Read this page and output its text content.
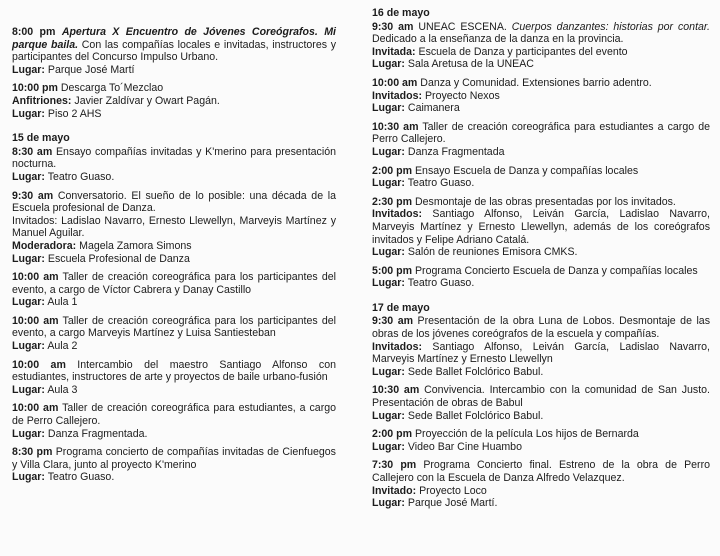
8:00 pm Apertura X Encuentro de Jóvenes Coreógrafos. Mi parque baila. Con las compañías locales e invitadas, instructores y participantes del Concurso Impulso Urbano.
Lugar: Parque José Martí
10:00 pm Descarga To´Mezclao
Anfitriones: Javier Zaldívar y Owart Pagán.
Lugar: Piso 2 AHS
15 de mayo
8:30 am Ensayo compañías invitadas y K'merino para presentación nocturna.
Lugar: Teatro Guaso.
9:30 am Conversatorio. El sueño de lo posible: una década de la Escuela profesional de Danza.
Invitados: Ladislao Navarro, Ernesto Llewellyn, Marveyis Martínez y Manuel Aguilar.
Moderadora: Magela Zamora Simons
Lugar: Escuela Profesional de Danza
10:00 am Taller de creación coreográfica para los participantes del evento, a cargo de Víctor Cabrera y Danay Castillo
Lugar: Aula 1
10:00 am Taller de creación coreográfica para los participantes del evento, a cargo Marveyis Martínez y Luisa Santiesteban
Lugar: Aula 2
10:00 am Intercambio del maestro Santiago Alfonso con estudiantes, instructores de arte y proyectos de baile urbano-fusión
Lugar: Aula 3
10:00 am Taller de creación coreográfica para estudiantes, a cargo de Perro Callejero.
Lugar: Danza Fragmentada.
8:30 pm Programa concierto de compañías invitadas de Cienfuegos y Villa Clara, junto al proyecto K'merino
Lugar: Teatro Guaso.
16 de mayo
9:30 am UNEAC ESCENA. Cuerpos danzantes: historias por contar. Dedicado a la enseñanza de la danza en la provincia.
Invitada: Escuela de Danza y participantes del evento
Lugar: Sala Aretusa de la UNEAC
10:00 am Danza y Comunidad. Extensiones barrio adentro.
Invitados: Proyecto Nexos
Lugar: Caimanera
10:30 am Taller de creación coreográfica para estudiantes a cargo de Perro Callejero.
Lugar: Danza Fragmentada
2:00 pm Ensayo Escuela de Danza y compañías locales
Lugar: Teatro Guaso.
2:30 pm Desmontaje de las obras presentadas por los invitados.
Invitados: Santiago Alfonso, Leiván García, Ladislao Navarro, Marveyis Martínez y Ernesto Llewellyn, además de los coreógrafos invitados y Felipe Adriano Catalá.
Lugar: Salón de reuniones Emisora CMKS.
5:00 pm Programa Concierto Escuela de Danza y compañías locales
Lugar: Teatro Guaso.
17 de mayo
9:30 am Presentación de la obra Luna de Lobos. Desmontaje de las obras de los jóvenes coreógrafos de la escuela y compañías.
Invitados: Santiago Alfonso, Leiván García, Ladislao Navarro, Marveyis Martínez y Ernesto Llewellyn
Lugar: Sede Ballet Folclórico Babul.
10:30 am Convivencia. Intercambio con la comunidad de San Justo. Presentación de obras de Babul
Lugar: Sede Ballet Folclórico Babul.
2:00 pm Proyección de la película Los hijos de Bernarda
Lugar: Video Bar Cine Huambo
7:30 pm Programa Concierto final. Estreno de la obra de Perro Callejero con la Escuela de Danza Alfredo Velazquez.
Invitado: Proyecto Loco
Lugar: Parque José Martí.
